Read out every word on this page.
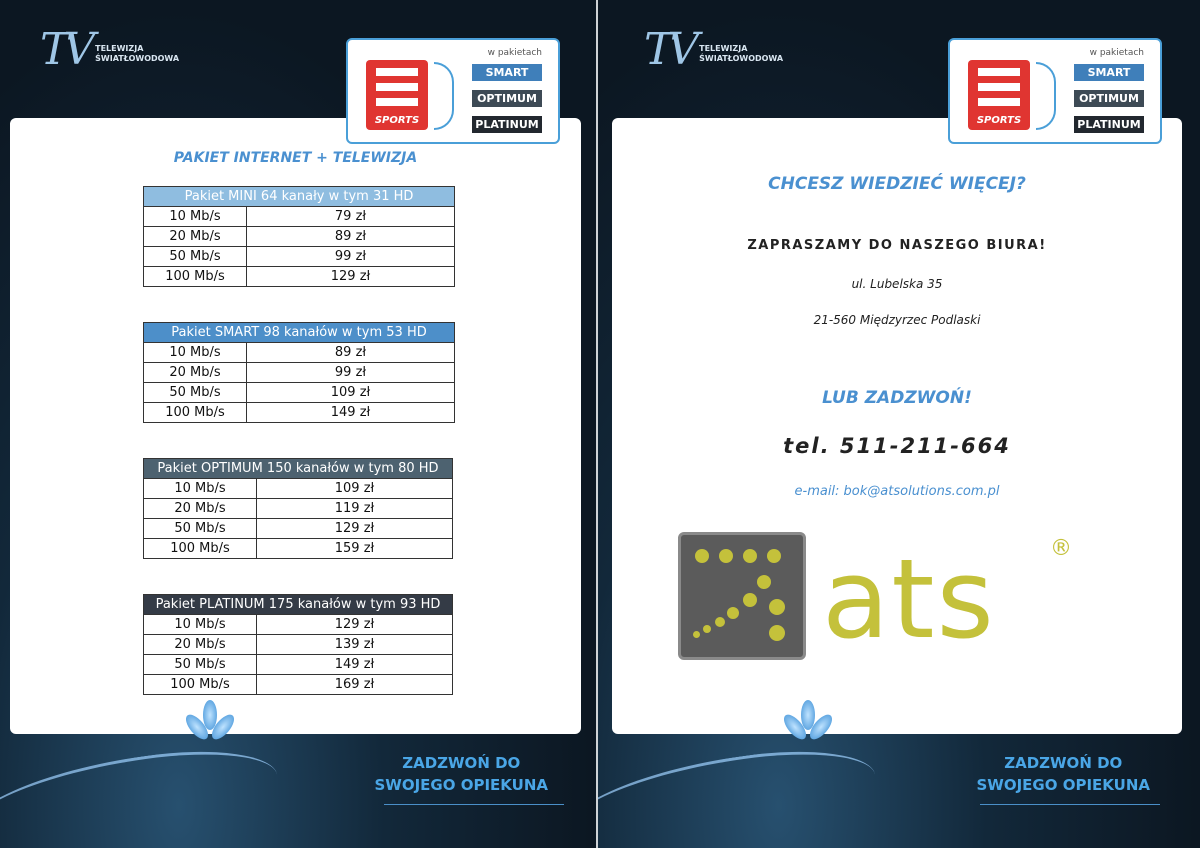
TV TELEWIZJA
ŚWIATŁOWODOWA
PAKIET INTERNET + TELEWIZJA
Pakiet MINI 64 kanały w tym 31 HD	
10 Mb/s	79 zł
20 Mb/s	89 zł
50 Mb/s	99 zł
100 Mb/s	129 zł
Pakiet SMART 98 kanałów w tym 53 HD	
10 Mb/s	89 zł
20 Mb/s	99 zł
50 Mb/s	109 zł
100 Mb/s	149 zł
Pakiet OPTIMUM 150 kanałów w tym 80 HD	
10 Mb/s	109 zł
20 Mb/s	119 zł
50 Mb/s	129 zł
100 Mb/s	159 zł
Pakiet PLATINUM 175 kanałów w tym 93 HD	
10 Mb/s	129 zł
20 Mb/s	139 zł
50 Mb/s	149 zł
100 Mb/s	169 zł
SPORTS
w pakietach
SMART
OPTIMUM
PLATINUM
ZADZWOŃ DO
SWOJEGO OPIEKUNA
TV TELEWIZJA
ŚWIATŁOWODOWA
CHCESZ WIEDZIEĆ WIĘCEJ?
ZAPRASZAMY DO NASZEGO BIURA!
ul. Lubelska 35
21-560 Międzyrzec Podlaski
LUB ZADZWOŃ!
tel. 511-211-664
e-mail: bok@atsolutions.com.pl
ats ®
SPORTS
w pakietach
SMART
OPTIMUM
PLATINUM
ZADZWOŃ DO
SWOJEGO OPIEKUNA
